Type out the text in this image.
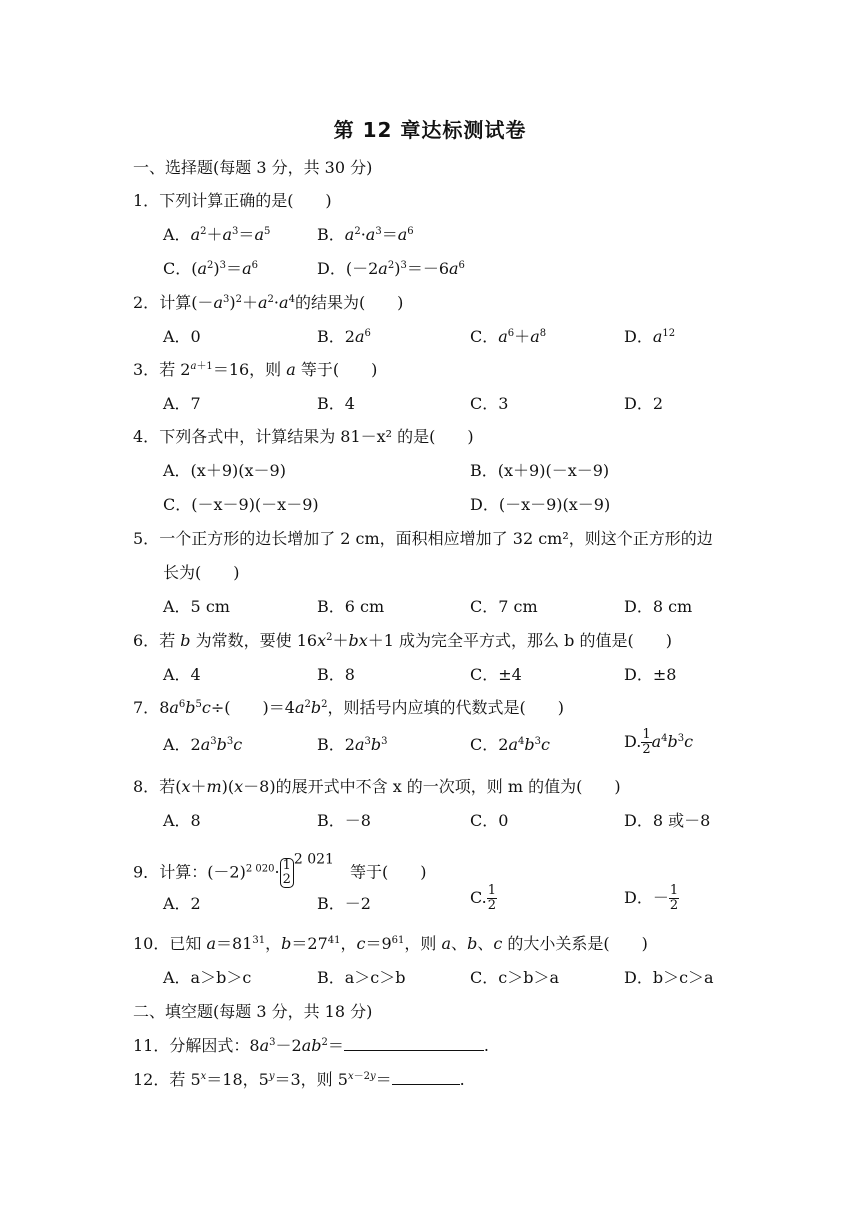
第 12 章达标测试卷
一、选择题(每题 3 分，共 30 分)
1．下列计算正确的是(　　)
A．$a^2+a^3=a^5$	B．$a^2\cdot a^3=a^6$
C．$(a^2)^3=a^6$	D．$(-2a^2)^3=-6a^6$
2．计算$(-a^3)^2+a^2\cdot a^4$的结果为(　　)
A．0	B．$2a^6$	C．$a^6+a^8$	D．$a^{12}$
3．若 $2^{a+1}=16$，则 a 等于(　　)
A．7	B．4	C．3	D．2
4．下列各式中，计算结果为 81－x² 的是(　　)
A．(x＋9)(x－9)	B．(x＋9)(－x－9)
C．(－x－9)(－x－9)	D．(－x－9)(x－9)
5．一个正方形的边长增加了 2 cm，面积相应增加了 32 cm²，则这个正方形的边
长为(　　)
A．5 cm	B．6 cm	C．7 cm	D．8 cm
6．若 b 为常数，要使 $16x^2+bx+1$ 成为完全平方式，那么 b 的值是(　　)
A．4	B．8	C．±4	D．±8
7．$8a^6b^5c\div$(　　)$=4a^2b^2$，则括号内应填的代数式是(　　)
A．$2a^3b^3c$	B．$2a^3b^3$	C．$2a^4b^3c$	D. $\frac{1}{2} a^4b^3c$
8．若(x＋m)(x－8)的展开式中不含 x 的一次项，则 m 的值为(　　)
A．8	B．－8	C．0	D．8 或－8
9．计算：$(-2)^{2 020}\cdot 1$
2
$^{2 021}$　等于(　　)
A．2	B．－2	C. $\frac{1}{2}$	D．－ $\frac{1}{2}$
10．已知 $a=81^{31}$，$b=27^{41}$，$c=9^{61}$，则 a、b、c 的大小关系是(　　)
A．a＞b＞c	B．a＞c＞b	C．c＞b＞a	D．b＞c＞a
二、填空题(每题 3 分，共 18 分)
11．分解因式：$8a^3-2ab^2=$	.
12．若 $5^x=18$，$5^y=3$，则 $5^{x-2y}=$	.
